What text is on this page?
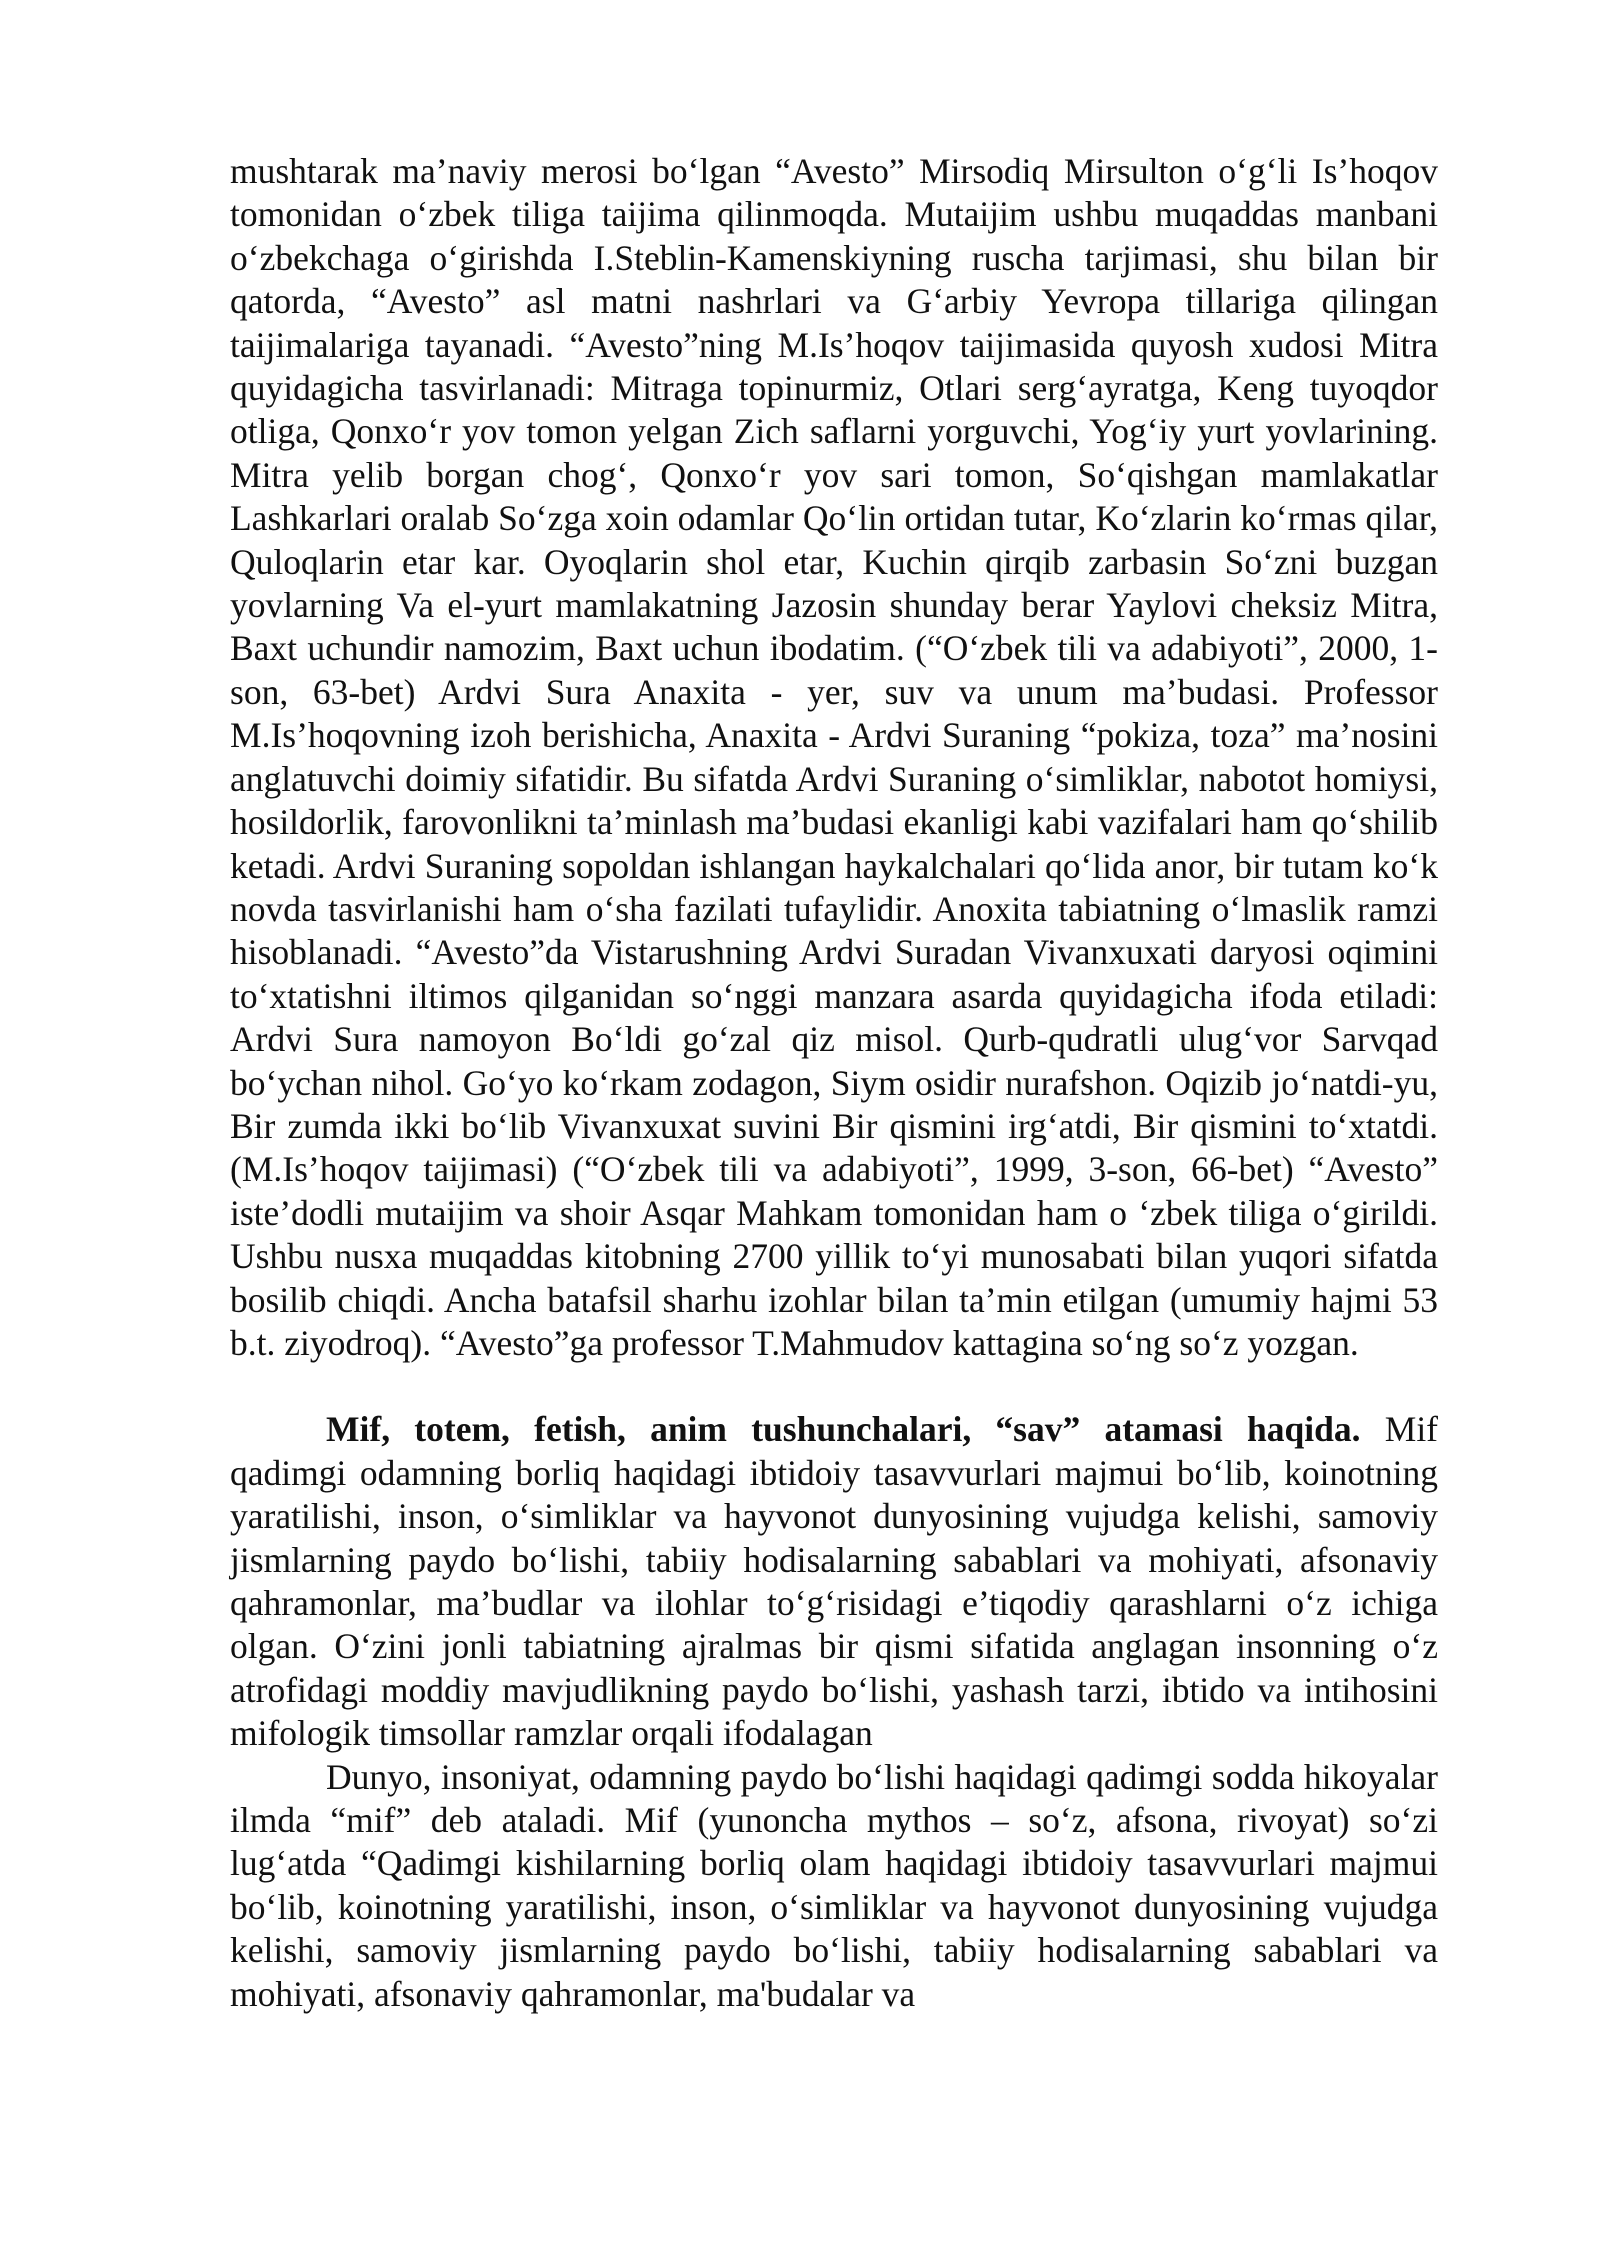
mushtarak ma’naviy merosi bo‘lgan “Avesto” Mirsodiq Mirsulton o‘g‘li Is’hoqov tomonidan o‘zbek tiliga taijima qilinmoqda. Mutaijim ushbu muqaddas manbani o‘zbekchaga o‘girishda I.Steblin-Kamenskiyning ruscha tarjimasi, shu bilan bir qatorda, “Avesto” asl matni nashrlari va G‘arbiy Yevropa tillariga qilingan taijimalariga tayanadi. “Avesto”ning M.Is’hoqov taijimasida quyosh xudosi Mitra quyidagicha tasvirlanadi: Mitraga topinurmiz, Otlari serg‘ayratga, Keng tuyoqdor otliga, Qonxo‘r yov tomon yelgan Zich saflarni yorguvchi, Yog‘iy yurt yovlarining. Mitra yelib borgan chog‘, Qonxo‘r yov sari tomon, So‘qishgan mamlakatlar Lashkarlari oralab So‘zga xoin odamlar Qo‘lin ortidan tutar, Ko‘zlarin ko‘rmas qilar, Quloqlarin etar kar. Oyoqlarin shol etar, Kuchin qirqib zarbasin So‘zni buzgan yovlarning Va el-yurt mamlakatning Jazosin shunday berar Yaylovi cheksiz Mitra, Baxt uchundir namozim, Baxt uchun ibodatim. (“O‘zbek tili va adabiyoti”, 2000, 1-son, 63-bet) Ardvi Sura Anaxita - yer, suv va unum ma’budasi. Professor M.Is’hoqovning izoh berishicha, Anaxita - Ardvi Suraning “pokiza, toza” ma’nosini anglatuvchi doimiy sifatidir. Bu sifatda Ardvi Suraning o‘simliklar, nabotot homiysi, hosildorlik, farovonlikni ta’minlash ma’budasi ekanligi kabi vazifalari ham qo‘shilib ketadi. Ardvi Suraning sopoldan ishlangan haykalchalari qo‘lida anor, bir tutam ko‘k novda tasvirlanishi ham o‘sha fazilati tufaylidir. Anoxita tabiatning o‘lmaslik ramzi hisoblanadi. “Avesto”da Vistarushning Ardvi Suradan Vivanxuxati daryosi oqimini to‘xtatishni iltimos qilganidan so‘nggi manzara asarda quyidagicha ifoda etiladi: Ardvi Sura namoyon Bo‘ldi go‘zal qiz misol. Qurb-qudratli ulug‘vor Sarvqad bo‘ychan nihol. Go‘yo ko‘rkam zodagon, Siym osidir nurafshon. Oqizib jo‘natdi-yu, Bir zumda ikki bo‘lib Vivanxuxat suvini Bir qismini irg‘atdi, Bir qismini to‘xtatdi. (M.Is’hoqov taijimasi) (“O‘zbek tili va adabiyoti”, 1999, 3-son, 66-bet) “Avesto” iste’dodli mutaijim va shoir Asqar Mahkam tomonidan ham o ‘zbek tiliga o‘girildi. Ushbu nusxa muqaddas kitobning 2700 yillik to‘yi munosabati bilan yuqori sifatda bosilib chiqdi. Ancha batafsil sharhu izohlar bilan ta’min etilgan (umumiy hajmi 53 b.t. ziyodroq). “Avesto”ga professor T.Mahmudov kattagina so‘ng so‘z yozgan.

Mif, totem, fetish, anim tushunchalari, “sav” atamasi haqida. Mif qadimgi odamning borliq haqidagi ibtidoiy tasavvurlari majmui bo‘lib, koinotning yaratilishi, inson, o‘simliklar va hayvonot dunyosining vujudga kelishi, samoviy jismlarning paydo bo‘lishi, tabiiy hodisalarning sabablari va mohiyati, afsonaviy qahramonlar, ma’budlar va ilohlar to‘g‘risidagi e’tiqodiy qarashlarni o‘z ichiga olgan. O‘zini jonli tabiatning ajralmas bir qismi sifatida anglagan insonning o‘z atrofidagi moddiy mavjudlikning paydo bo‘lishi, yashash tarzi, ibtido va intihosini mifologik timsollar ramzlar orqali ifodalagan

Dunyo, insoniyat, odamning paydo bo‘lishi haqidagi qadimgi sodda hikoyalar ilmda “mif” deb ataladi. Mif (yunoncha mythos – so‘z, afsona, rivoyat) so‘zi lug‘atda “Qadimgi kishilarning borliq olam haqidagi ibtidoiy tasavvurlari majmui bo‘lib, koinotning yaratilishi, inson, o‘simliklar va hayvonot dunyosining vujudga kelishi, samoviy jismlarning paydo bo‘lishi, tabiiy hodisalarning sabablari va mohiyati, afsonaviy qahramonlar, ma'budalar va
